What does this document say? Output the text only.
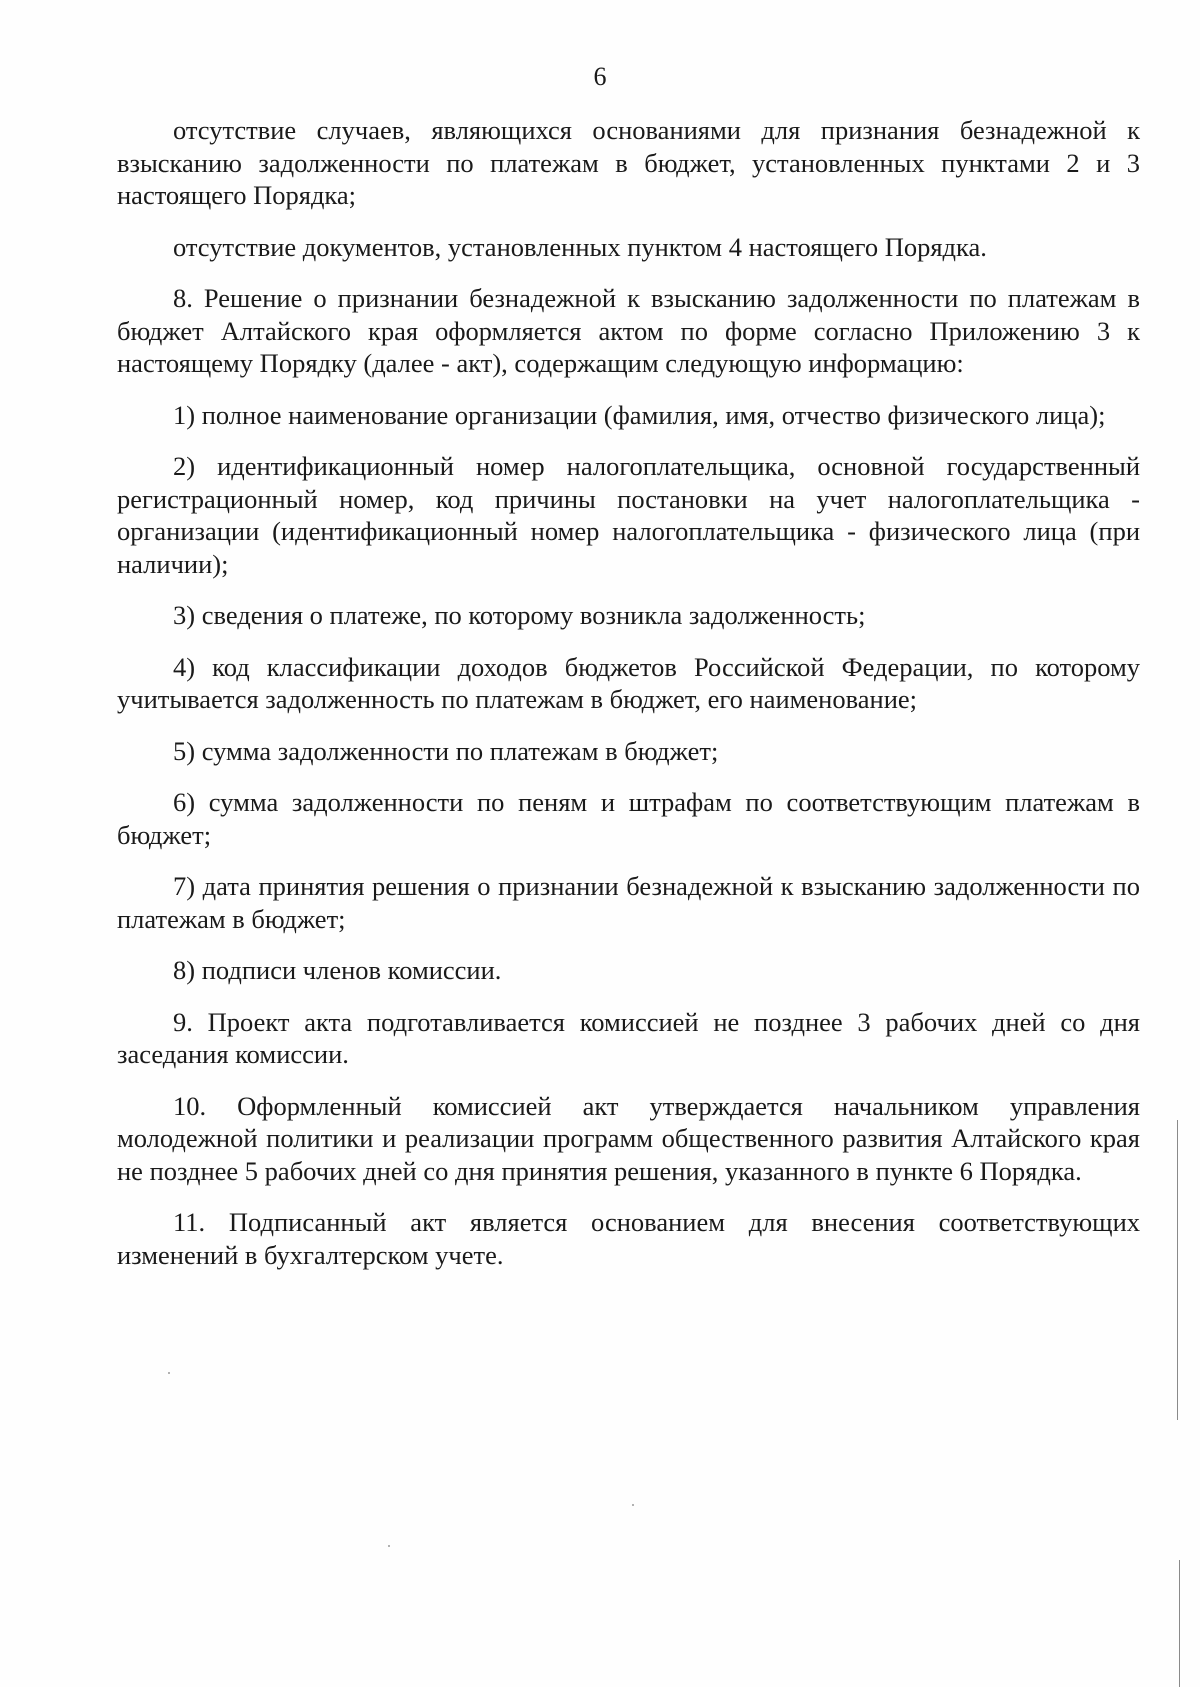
6

отсутствие случаев, являющихся основаниями для признания безнадежной к взысканию задолженности по платежам в бюджет, установленных пунктами 2 и 3 настоящего Порядка;

отсутствие документов, установленных пунктом 4 настоящего Порядка.

8. Решение о признании безнадежной к взысканию задолженности по платежам в бюджет Алтайского края оформляется актом по форме согласно Приложению 3 к настоящему Порядку (далее - акт), содержащим следующую информацию:

1) полное наименование организации (фамилия, имя, отчество физического лица);

2) идентификационный номер налогоплательщика, основной государственный регистрационный номер, код причины постановки на учет налогоплательщика - организации (идентификационный номер налогоплательщика - физического лица (при наличии);

3) сведения о платеже, по которому возникла задолженность;

4) код классификации доходов бюджетов Российской Федерации, по которому учитывается задолженность по платежам в бюджет, его наименование;

5) сумма задолженности по платежам в бюджет;

6) сумма задолженности по пеням и штрафам по соответствующим платежам в бюджет;

7) дата принятия решения о признании безнадежной к взысканию задолженности по платежам в бюджет;

8) подписи членов комиссии.

9. Проект акта подготавливается комиссией не позднее 3 рабочих дней со дня заседания комиссии.

10. Оформленный комиссией акт утверждается начальником управления молодежной политики и реализации программ общественного развития Алтайского края не позднее 5 рабочих дней со дня принятия решения, указанного в пункте 6 Порядка.

11. Подписанный акт является основанием для внесения соответствующих изменений в бухгалтерском учете.
